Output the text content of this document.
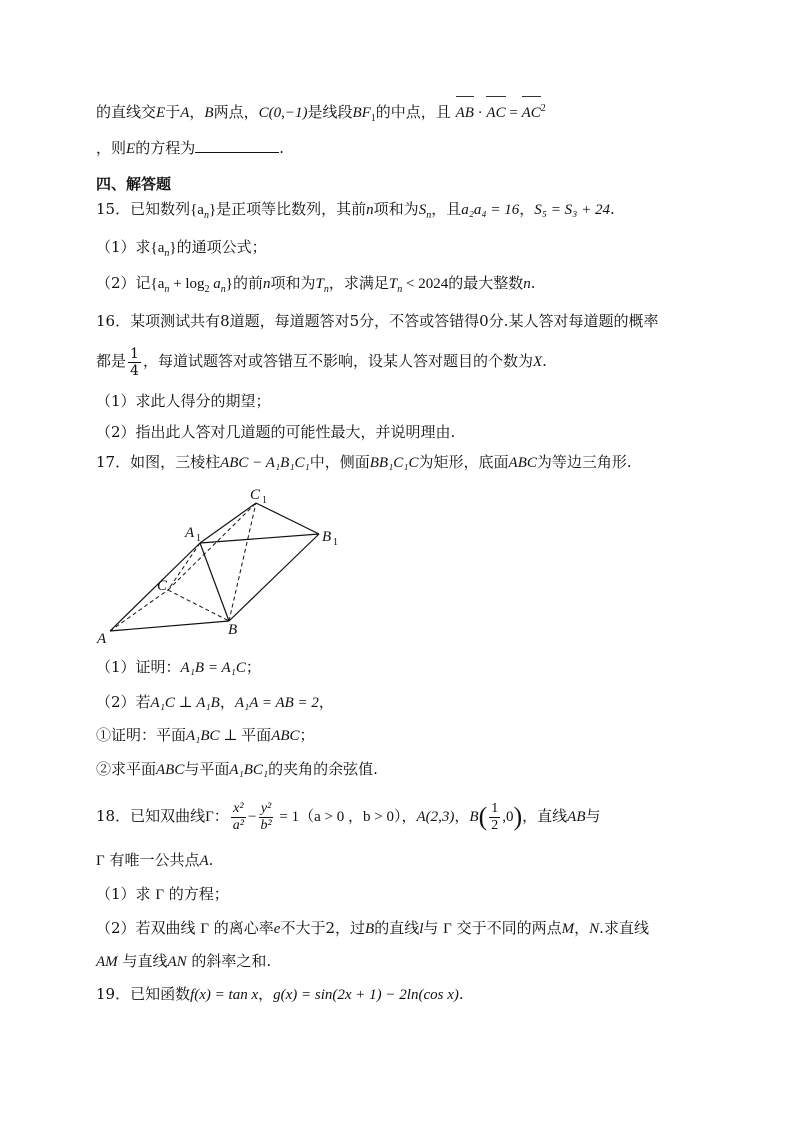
的直线交E于A，B两点，C(0,−1)是线段$BF_1$的中点，且 AB · AC = $AC^2$
，则E的方程为	.
四、解答题
15．已知数列$\{a_n\}$是正项等比数列，其前n项和为$S_n$，且a₂a₄ = 16，S₅ = S₃ + 24.
（1）求$\{a_n\}$的通项公式；
（2）记$\{a_n + \log_2 a_n\}$的前n项和为$T_n$，求满足$T_n < 2024$的最大整数n.
16．某项测试共有8道题，每道题答对5分，不答或答错得0分.某人答对每道题的概率
都是 $\frac{1}{4}$ ，每道试题答对或答错互不影响，设某人答对题目的个数为X.
（1）求此人得分的期望；
（2）指出此人答对几道题的可能性最大，并说明理由.
17．如图，三棱柱ABC − A₁B₁C₁中，侧面BB₁C₁C为矩形，底面ABC为等边三角形.
C 1
A 1	B 1
C
A
B
（1）证明：A₁B = A₁C；
（2）若A₁C ⊥ A₁B，A₁A = AB = 2，
①证明：平面A₁BC ⊥ 平面ABC；
②求平面ABC与平面A₁BC₁的夹角的余弦值.
18．已知双曲线Γ： $\frac{\text{x²}}{\text{a²}} - \frac{\text{y²}}{\text{b²}} = 1(a > 0$ ，b > 0），A(2,3)，$B( \frac{1}{2} ,0)$，直线AB与
Γ 有唯一公共点A.
（1）求 Γ 的方程；
（2）若双曲线 Γ 的离心率e不大于2，过B的直线l与 Γ 交于不同的两点M，N.求直线
AM 与直线AN 的斜率之和.
19．已知函数f(x) = tan x，g(x) = sin(2x + 1) − 2ln(cos x).
